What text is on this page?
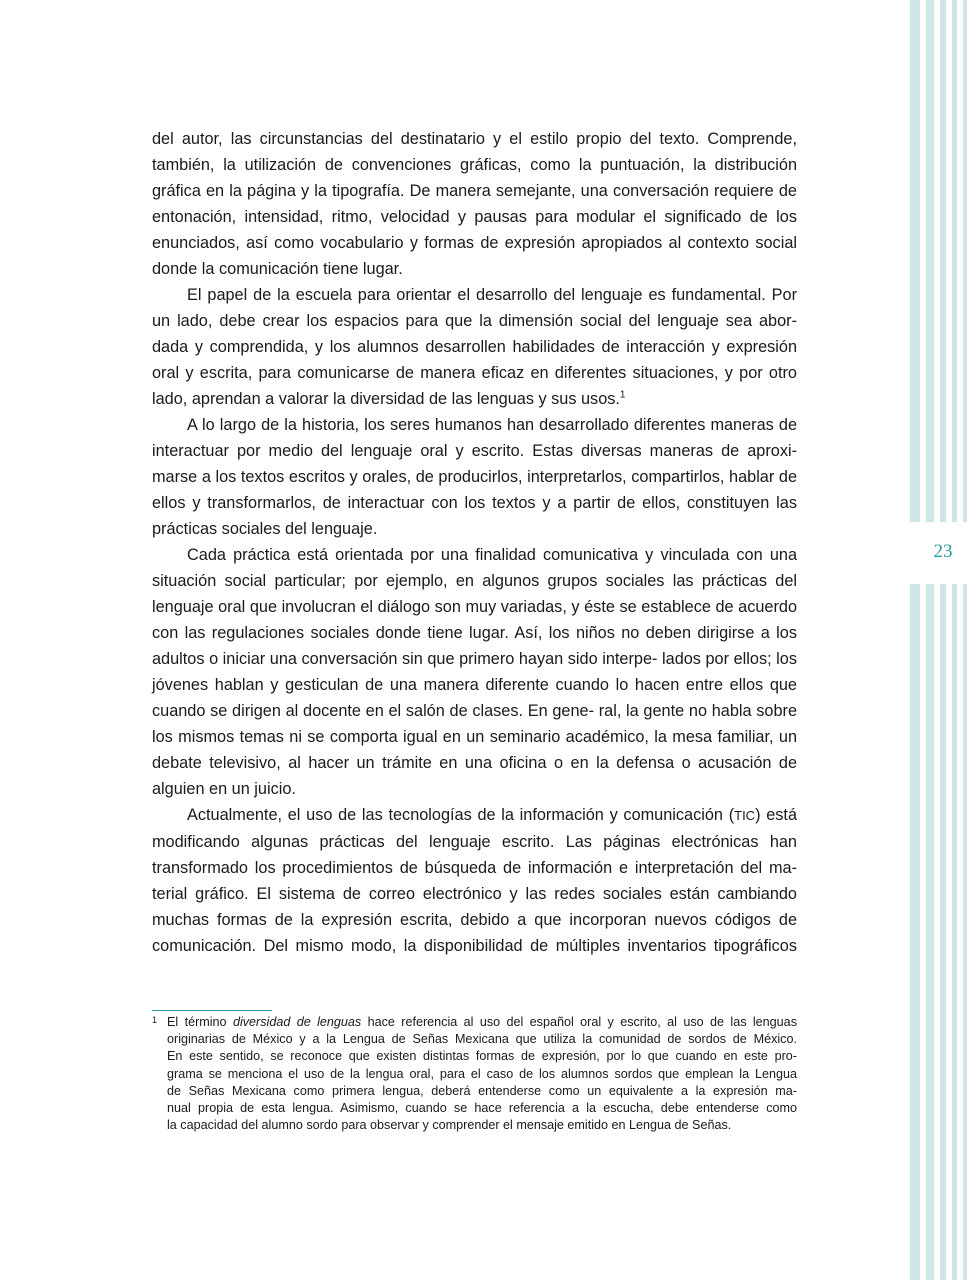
23

del autor, las circunstancias del destinatario y el estilo propio del texto. Comprende, también, la utilización de convenciones gráficas, como la puntuación, la distribución gráfica en la página y la tipografía. De manera semejante, una conversación requiere de entonación, intensidad, ritmo, velocidad y pausas para modular el significado de los enunciados, así como vocabulario y formas de expresión apropiados al contexto social donde la comunicación tiene lugar.

El papel de la escuela para orientar el desarrollo del lenguaje es fundamental. Por un lado, debe crear los espacios para que la dimensión social del lenguaje sea abor- dada y comprendida, y los alumnos desarrollen habilidades de interacción y expresión oral y escrita, para comunicarse de manera eficaz en diferentes situaciones, y por otro lado, aprendan a valorar la diversidad de las lenguas y sus usos.$^1$

A lo largo de la historia, los seres humanos han desarrollado diferentes maneras de interactuar por medio del lenguaje oral y escrito. Estas diversas maneras de aproxi- marse a los textos escritos y orales, de producirlos, interpretarlos, compartirlos, hablar de ellos y transformarlos, de interactuar con los textos y a partir de ellos, constituyen las prácticas sociales del lenguaje.

Cada práctica está orientada por una finalidad comunicativa y vinculada con una situación social particular; por ejemplo, en algunos grupos sociales las prácticas del lenguaje oral que involucran el diálogo son muy variadas, y éste se establece de acuerdo con las regulaciones sociales donde tiene lugar. Así, los niños no deben dirigirse a los adultos o iniciar una conversación sin que primero hayan sido interpe- lados por ellos; los jóvenes hablan y gesticulan de una manera diferente cuando lo hacen entre ellos que cuando se dirigen al docente en el salón de clases. En gene- ral, la gente no habla sobre los mismos temas ni se comporta igual en un seminario académico, la mesa familiar, un debate televisivo, al hacer un trámite en una oficina o en la defensa o acusación de alguien en un juicio.

Actualmente, el uso de las tecnologías de la información y comunicación (TIC) está modificando algunas prácticas del lenguaje escrito. Las páginas electrónicas han transformado los procedimientos de búsqueda de información e interpretación del ma- terial gráfico. El sistema de correo electrónico y las redes sociales están cambiando muchas formas de la expresión escrita, debido a que incorporan nuevos códigos de comunicación. Del mismo modo, la disponibilidad de múltiples inventarios tipográficos

1 El término diversidad de lenguas hace referencia al uso del español oral y escrito, al uso de las lenguas
originarias de México y a la Lengua de Señas Mexicana que utiliza la comunidad de sordos de México.
En este sentido, se reconoce que existen distintas formas de expresión, por lo que cuando en este pro-
grama se menciona el uso de la lengua oral, para el caso de los alumnos sordos que emplean la Lengua
de Señas Mexicana como primera lengua, deberá entenderse como un equivalente a la expresión ma-
nual propia de esta lengua. Asimismo, cuando se hace referencia a la escucha, debe entenderse como
la capacidad del alumno sordo para observar y comprender el mensaje emitido en Lengua de Señas.
